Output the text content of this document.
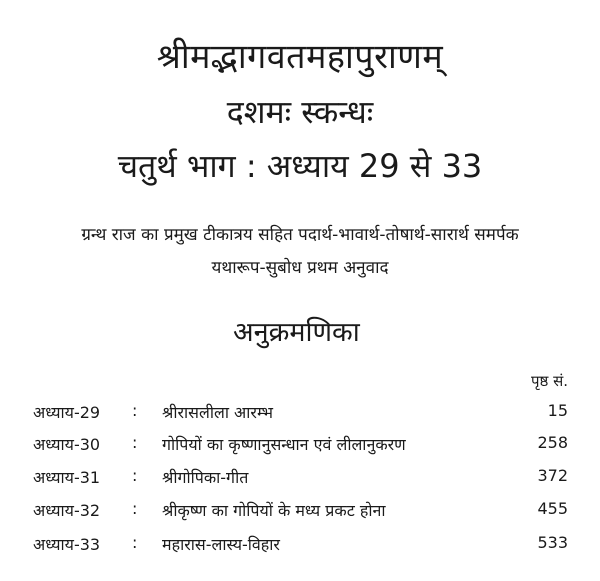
श्रीमद्भागवतमहापुराणम्
दशमः स्कन्धः
चतुर्थ भाग : अध्याय 29 से 33
ग्रन्थ राज का प्रमुख टीकात्रय सहित पदार्थ-भावार्थ-तोषार्थ-सारार्थ समर्पक
यथारूप-सुबोध प्रथम अनुवाद
अनुक्रमणिका
पृष्ठ सं.
अध्याय-29 : श्रीरासलीला आरम्भ	15
अध्याय-30 : गोपियों का कृष्णानुसन्धान एवं लीलानुकरण	258
अध्याय-31 : श्रीगोपिका-गीत	372
अध्याय-32 : श्रीकृष्ण का गोपियों के मध्य प्रकट होना	455
अध्याय-33 : महारास-लास्य-विहार	533
